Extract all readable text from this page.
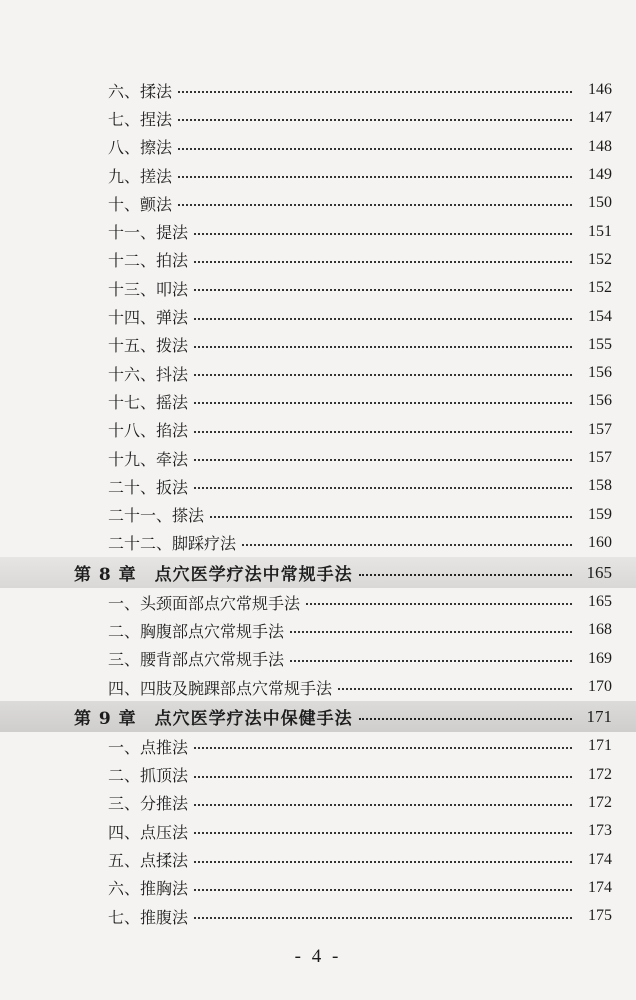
六、揉法	146
七、捏法	147
八、擦法	148
九、搓法	149
十、颤法	150
十一、提法	151
十二、拍法	152
十三、叩法	152
十四、弹法	154
十五、拨法	155
十六、抖法	156
十七、摇法	156
十八、掐法	157
十九、牵法	157
二十、扳法	158
二十一、搽法	159
二十二、脚踩疗法	160
第 8 章　点穴医学疗法中常规手法	165
一、头颈面部点穴常规手法	165
二、胸腹部点穴常规手法	168
三、腰背部点穴常规手法	169
四、四肢及腕踝部点穴常规手法	170
第 9 章　点穴医学疗法中保健手法	171
一、点推法	171
二、抓顶法	172
三、分推法	172
四、点压法	173
五、点揉法	174
六、推胸法	174
七、推腹法	175
- 4 -
